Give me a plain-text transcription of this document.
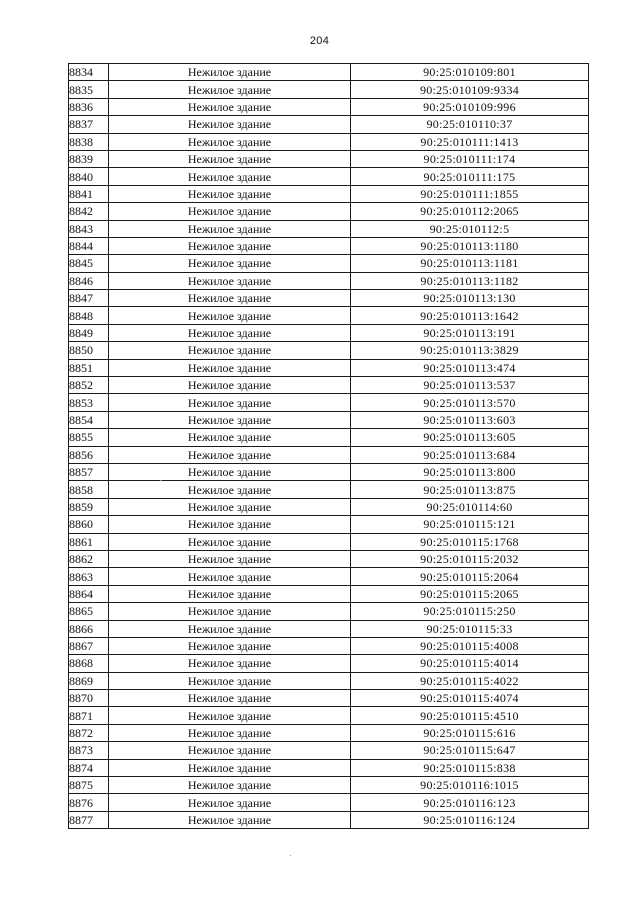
204
8834	Нежилое здание	90:25:010109:801
8835	Нежилое здание	90:25:010109:9334
8836	Нежилое здание	90:25:010109:996
8837	Нежилое здание	90:25:010110:37
8838	Нежилое здание	90:25:010111:1413
8839	Нежилое здание	90:25:010111:174
8840	Нежилое здание	90:25:010111:175
8841	Нежилое здание	90:25:010111:1855
8842	Нежилое здание	90:25:010112:2065
8843	Нежилое здание	90:25:010112:5
8844	Нежилое здание	90:25:010113:1180
8845	Нежилое здание	90:25:010113:1181
8846	Нежилое здание	90:25:010113:1182
8847	Нежилое здание	90:25:010113:130
8848	Нежилое здание	90:25:010113:1642
8849	Нежилое здание	90:25:010113:191
8850	Нежилое здание	90:25:010113:3829
8851	Нежилое здание	90:25:010113:474
8852	Нежилое здание	90:25:010113:537
8853	Нежилое здание	90:25:010113:570
8854	Нежилое здание	90:25:010113:603
8855	Нежилое здание	90:25:010113:605
8856	Нежилое здание	90:25:010113:684
8857	Нежилое здание	90:25:010113:800
8858	Нежилое здание	90:25:010113:875
8859	Нежилое здание	90:25:010114:60
8860	Нежилое здание	90:25:010115:121
8861	Нежилое здание	90:25:010115:1768
8862	Нежилое здание	90:25:010115:2032
8863	Нежилое здание	90:25:010115:2064
8864	Нежилое здание	90:25:010115:2065
8865	Нежилое здание	90:25:010115:250
8866	Нежилое здание	90:25:010115:33
8867	Нежилое здание	90:25:010115:4008
8868	Нежилое здание	90:25:010115:4014
8869	Нежилое здание	90:25:010115:4022
8870	Нежилое здание	90:25:010115:4074
8871	Нежилое здание	90:25:010115:4510
8872	Нежилое здание	90:25:010115:616
8873	Нежилое здание	90:25:010115:647
8874	Нежилое здание	90:25:010115:838
8875	Нежилое здание	90:25:010116:1015
8876	Нежилое здание	90:25:010116:123
8877	Нежилое здание	90:25:010116:124
